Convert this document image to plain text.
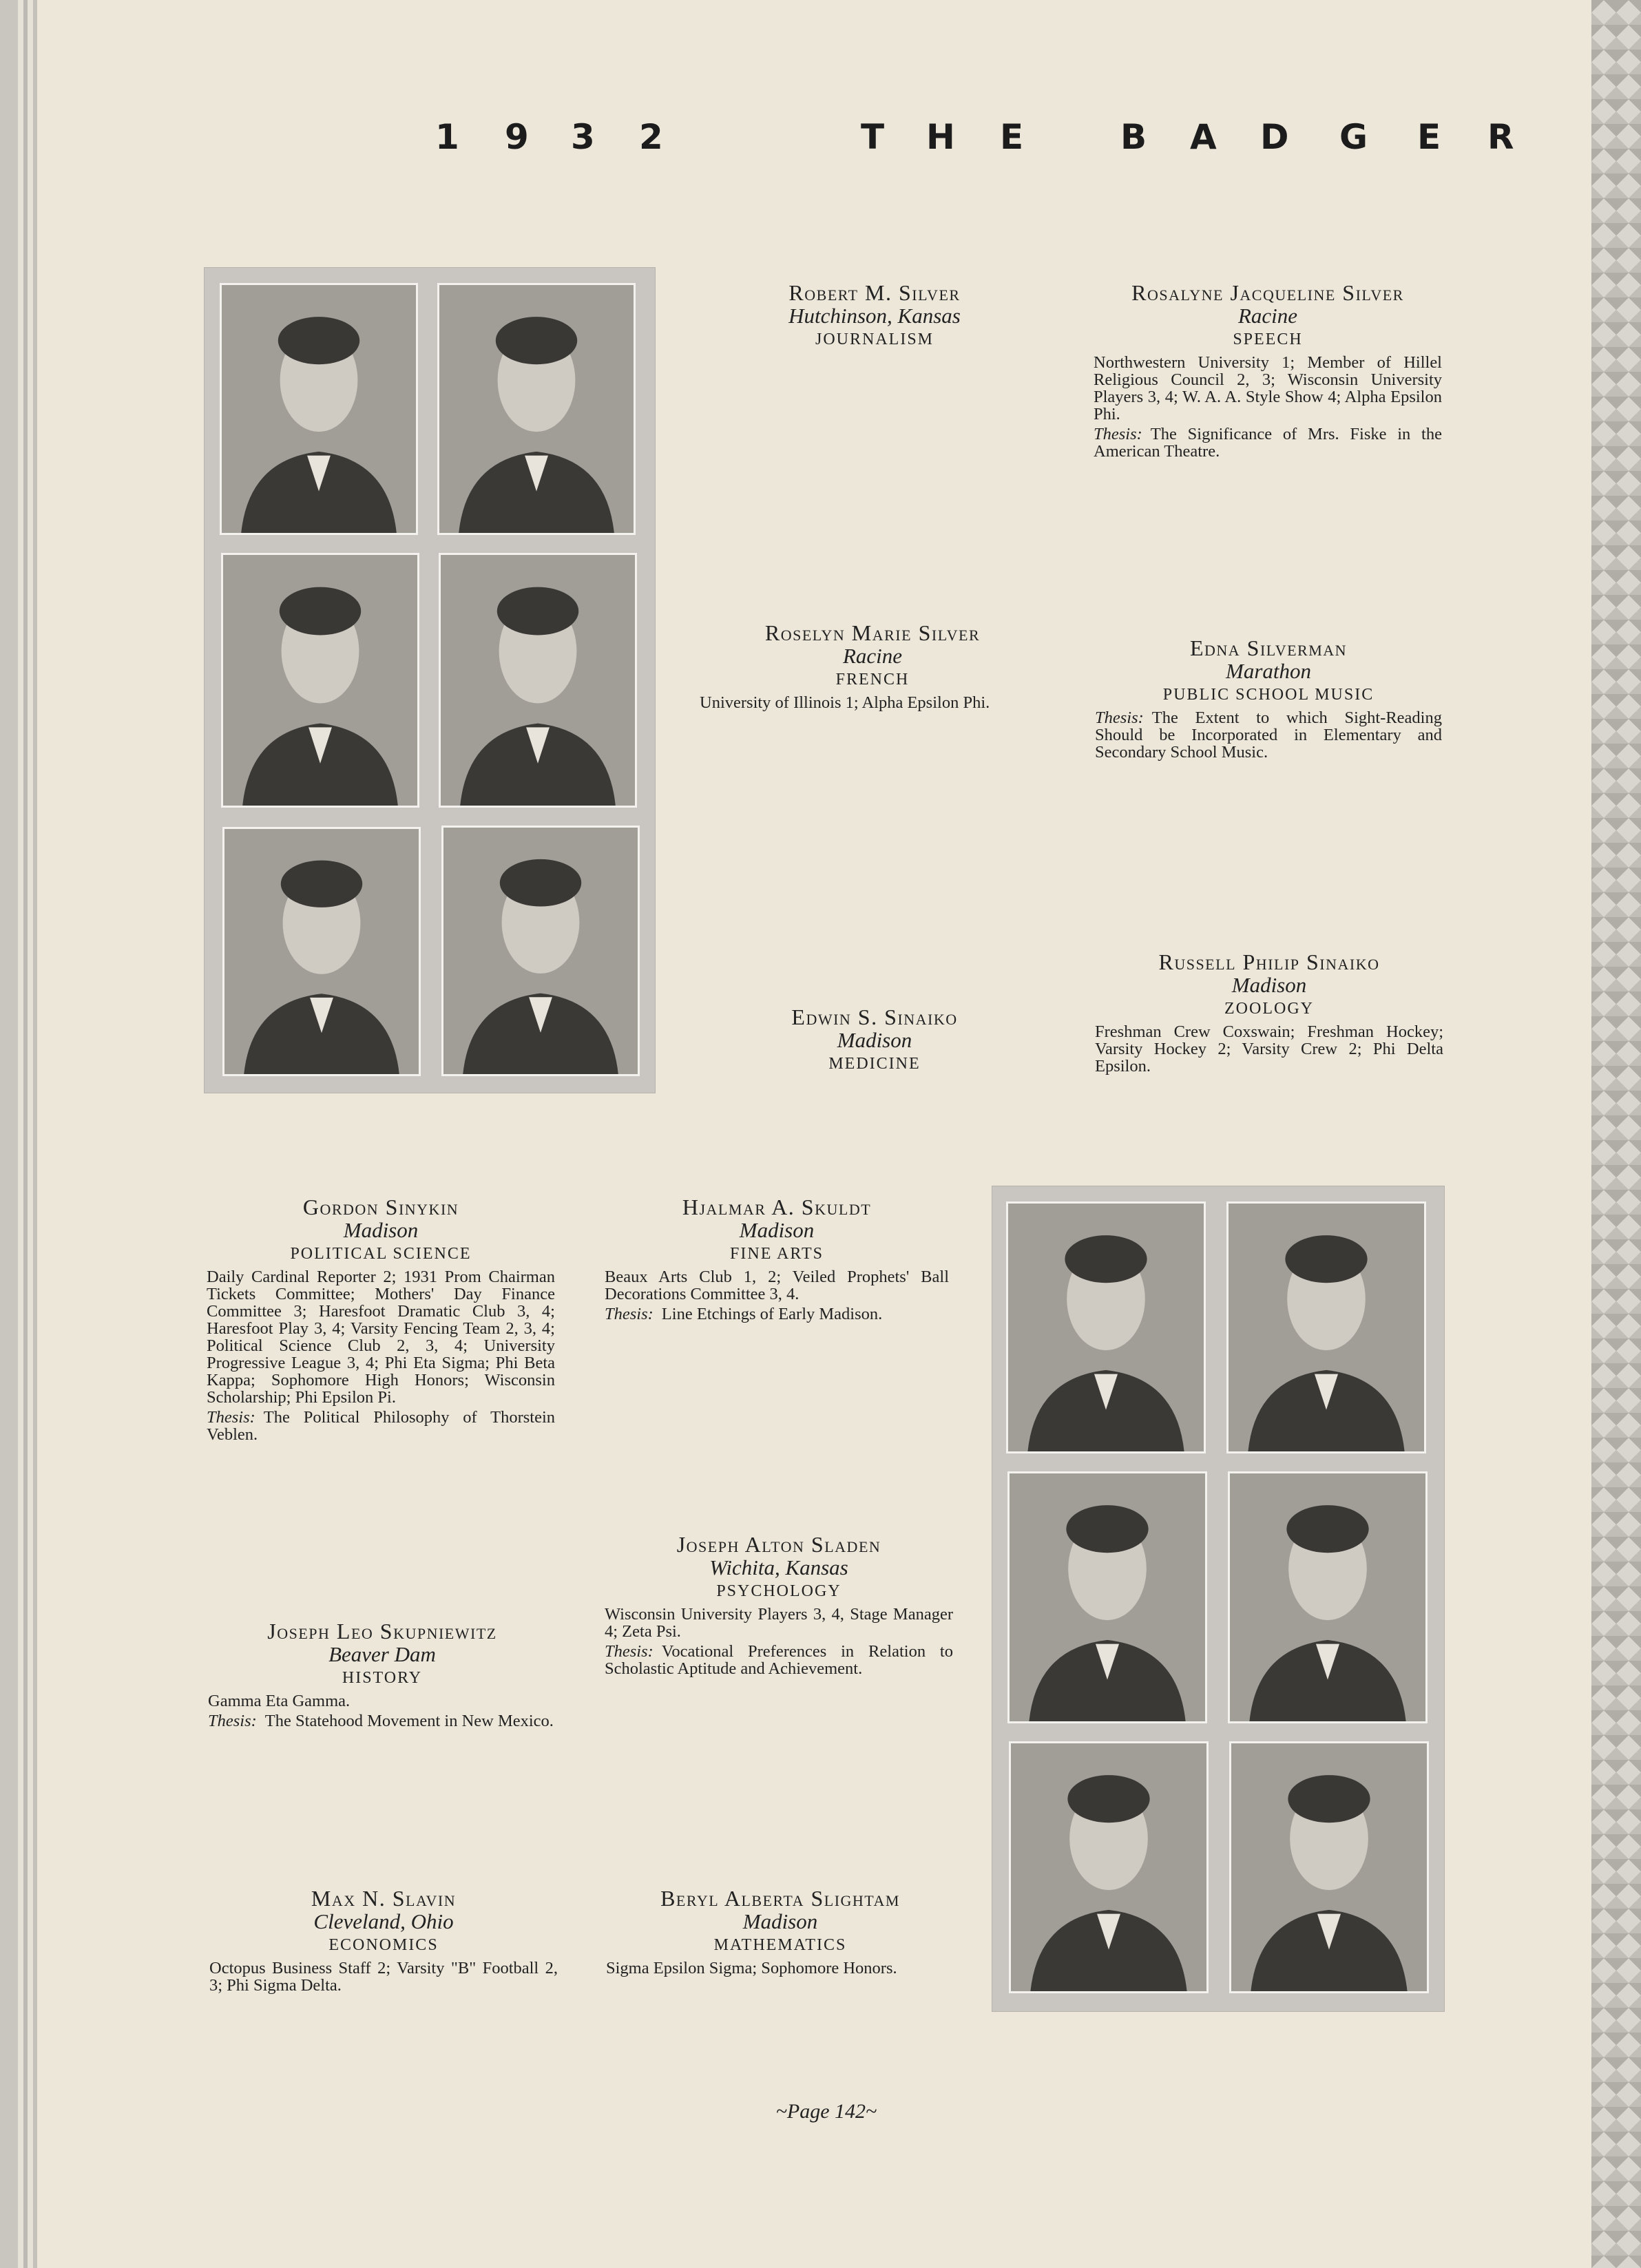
1 9 3 2	T H E	B A D G E R
Robert M. Silver
Hutchinson, Kansas
JOURNALISM
Rosalyne Jacqueline Silver
Racine
SPEECH
Northwestern University 1; Member of Hillel Religious Council 2, 3; Wisconsin University Players 3, 4; W. A. A. Style Show 4; Alpha Epsilon Phi.
Thesis: The Significance of Mrs. Fiske in the American Theatre.
Roselyn Marie Silver
Racine
FRENCH
University of Illinois 1; Alpha Epsilon Phi.
Edna Silverman
Marathon
PUBLIC SCHOOL MUSIC
Thesis: The Extent to which Sight-Reading Should be Incorporated in Elementary and Secondary School Music.
Edwin S. Sinaiko
Madison
MEDICINE
Russell Philip Sinaiko
Madison
ZOOLOGY
Freshman Crew Coxswain; Freshman Hockey; Varsity Hockey 2; Varsity Crew 2; Phi Delta Epsilon.
Gordon Sinykin
Madison
POLITICAL SCIENCE
Daily Cardinal Reporter 2; 1931 Prom Chairman Tickets Committee; Mothers' Day Finance Committee 3; Haresfoot Dramatic Club 3, 4; Haresfoot Play 3, 4; Varsity Fencing Team 2, 3, 4; Political Science Club 2, 3, 4; University Progressive League 3, 4; Phi Eta Sigma; Phi Beta Kappa; Sophomore High Honors; Wisconsin Scholarship; Phi Epsilon Pi.
Thesis: The Political Philosophy of Thorstein Veblen.
Hjalmar A. Skuldt
Madison
FINE ARTS
Beaux Arts Club 1, 2; Veiled Prophets' Ball Decorations Committee 3, 4.
Thesis: Line Etchings of Early Madison.
Joseph Alton Sladen
Wichita, Kansas
PSYCHOLOGY
Wisconsin University Players 3, 4, Stage Manager 4; Zeta Psi.
Thesis: Vocational Preferences in Relation to Scholastic Aptitude and Achievement.
Joseph Leo Skupniewitz
Beaver Dam
HISTORY
Gamma Eta Gamma.
Thesis: The Statehood Movement in New Mexico.
Max N. Slavin
Cleveland, Ohio
ECONOMICS
Octopus Business Staff 2; Varsity "B" Football 2, 3; Phi Sigma Delta.
Beryl Alberta Slightam
Madison
MATHEMATICS
Sigma Epsilon Sigma; Sophomore Honors.
~Page 142~
